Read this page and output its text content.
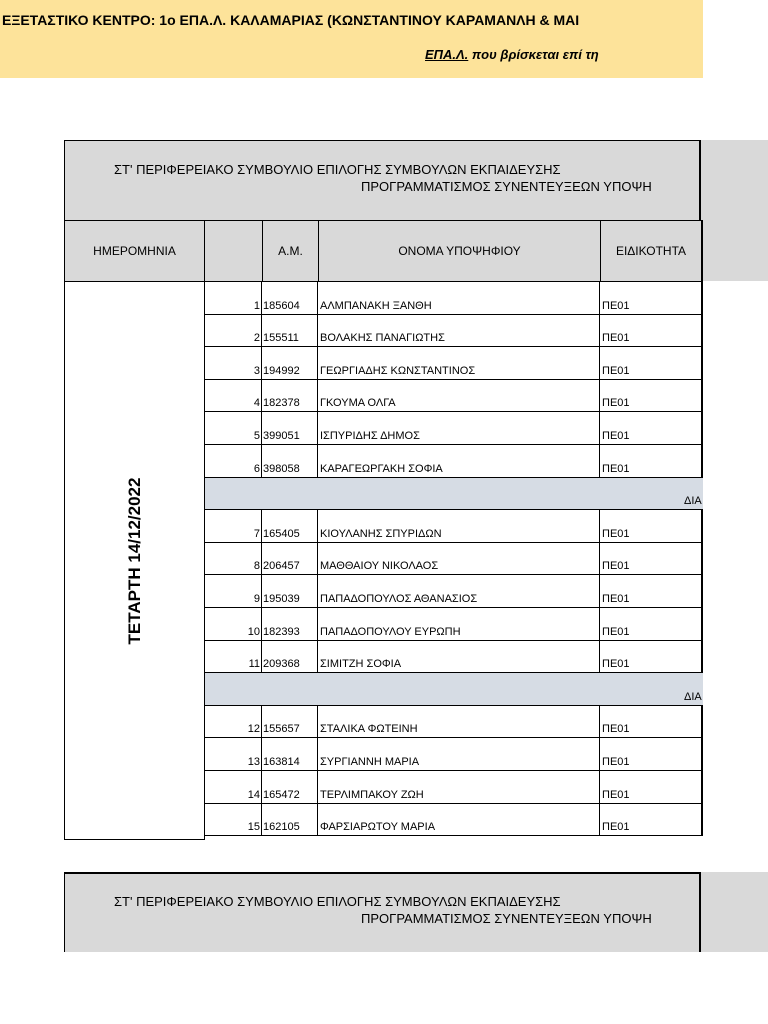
ΕΞΕΤΑΣΤΙΚΟ ΚΕΝΤΡΟ: 1ο ΕΠΑ.Λ. ΚΑΛΑΜΑΡΙΑΣ (ΚΩΝΣΤΑΝΤΙΝΟΥ ΚΑΡΑΜΑΝΛΗ & ΜΑΙ
ΕΠΑ.Λ. που βρίσκεται επί τη
ΣΤ' ΠΕΡΙΦΕΡΕΙΑΚΟ ΣΥΜΒΟΥΛΙΟ ΕΠΙΛΟΓΗΣ ΣΥΜΒΟΥΛΩΝ ΕΚΠΑΙΔΕΥΣΗΣ
ΠΡΟΓΡΑΜΜΑΤΙΣΜΟΣ ΣΥΝΕΝΤΕΥΞΕΩΝ ΥΠΟΨΗ
ΗΜΕΡΟΜΗΝΙΑ	Α.Μ.	ΟΝΟΜΑ ΥΠΟΨΗΦΙΟΥ	ΕΙΔΙΚΟΤΗΤΑ
ΤΕΤΑΡΤΗ 14/12/2022
1 185604	ΑΛΜΠΑΝΑΚΗ ΞΑΝΘΗ	ΠΕ01
2 155511	ΒΟΛΑΚΗΣ ΠΑΝΑΓΙΩΤΗΣ	ΠΕ01
3 194992	ΓΕΩΡΓΙΑΔΗΣ ΚΩΝΣΤΑΝΤΙΝΟΣ	ΠΕ01
4 182378	ΓΚΟΥΜΑ ΟΛΓΑ	ΠΕ01
5 399051	ΙΣΠΥΡΙΔΗΣ ΔΗΜΟΣ	ΠΕ01
6 398058	ΚΑΡΑΓΕΩΡΓΑΚΗ ΣΟΦΙΑ	ΠΕ01
ΔΙΑ
7 165405	ΚΙΟΥΛΑΝΗΣ ΣΠΥΡΙΔΩΝ	ΠΕ01
8 206457	ΜΑΘΘΑΙΟΥ ΝΙΚΟΛΑΟΣ	ΠΕ01
9 195039	ΠΑΠΑΔΟΠΟΥΛΟΣ ΑΘΑΝΑΣΙΟΣ	ΠΕ01
10 182393	ΠΑΠΑΔΟΠΟΥΛΟΥ ΕΥΡΩΠΗ	ΠΕ01
11 209368	ΣΙΜΙΤΖΗ ΣΟΦΙΑ	ΠΕ01
ΔΙΑ
12 155657	ΣΤΑΛΙΚΑ ΦΩΤΕΙΝΗ	ΠΕ01
13 163814	ΣΥΡΓΙΑΝΝΗ ΜΑΡΙΑ	ΠΕ01
14 165472	ΤΕΡΛΙΜΠΑΚΟΥ ΖΩΗ	ΠΕ01
15 162105	ΦΑΡΣΙΑΡΩΤΟΥ ΜΑΡΙΑ	ΠΕ01
ΣΤ' ΠΕΡΙΦΕΡΕΙΑΚΟ ΣΥΜΒΟΥΛΙΟ ΕΠΙΛΟΓΗΣ ΣΥΜΒΟΥΛΩΝ ΕΚΠΑΙΔΕΥΣΗΣ
ΠΡΟΓΡΑΜΜΑΤΙΣΜΟΣ ΣΥΝΕΝΤΕΥΞΕΩΝ ΥΠΟΨΗ
